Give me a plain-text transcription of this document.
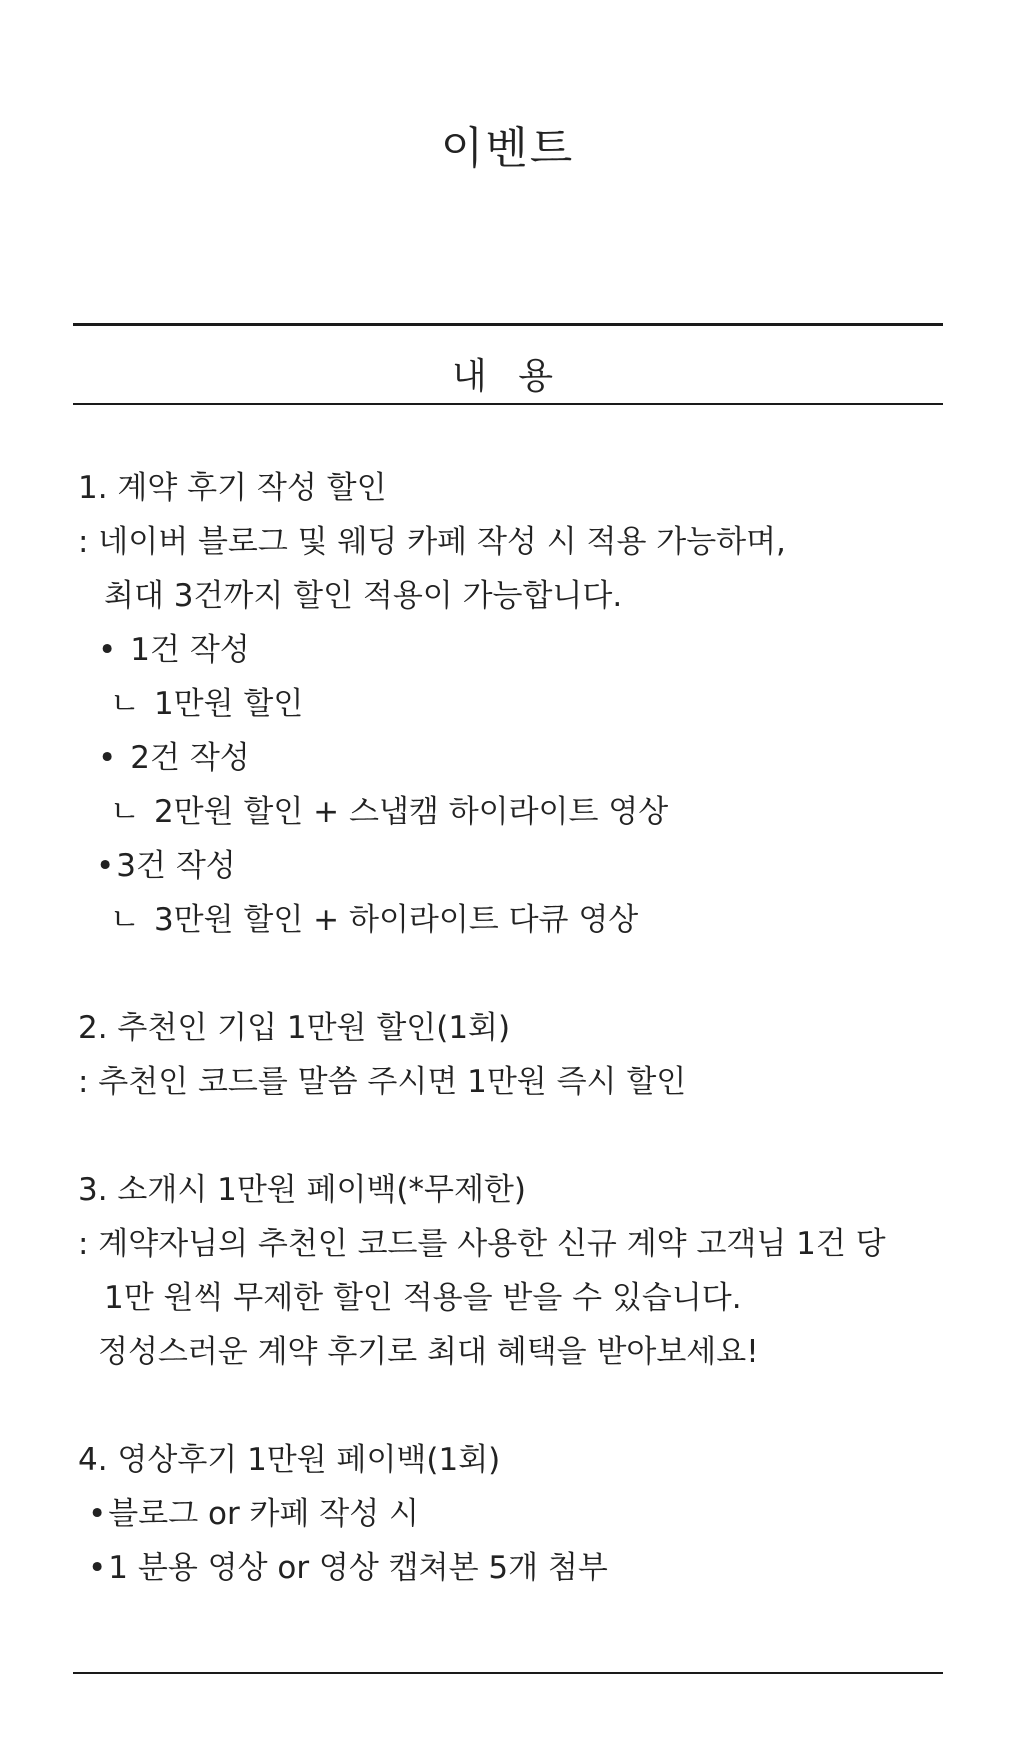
이벤트
내 용
1. 계약 후기 작성 할인
: 네이버 블로그 및 웨딩 카페 작성 시 적용 가능하며,
최대 3건까지 할인 적용이 가능합니다.
• 1건 작성
ㄴ 1만원 할인
• 2건 작성
ㄴ 2만원 할인 + 스냅캠 하이라이트 영상
•3건 작성
ㄴ 3만원 할인 + 하이라이트 다큐 영상
2. 추천인 기입 1만원 할인(1회)
: 추천인 코드를 말씀 주시면 1만원 즉시 할인
3. 소개시 1만원 페이백(*무제한)
: 계약자님의 추천인 코드를 사용한 신규 계약 고객님 1건 당
1만 원씩 무제한 할인 적용을 받을 수 있습니다.
정성스러운 계약 후기로 최대 혜택을 받아보세요!
4. 영상후기 1만원 페이백(1회)
•블로그 or 카페 작성 시
•1 분용 영상 or 영상 캡쳐본 5개 첨부
